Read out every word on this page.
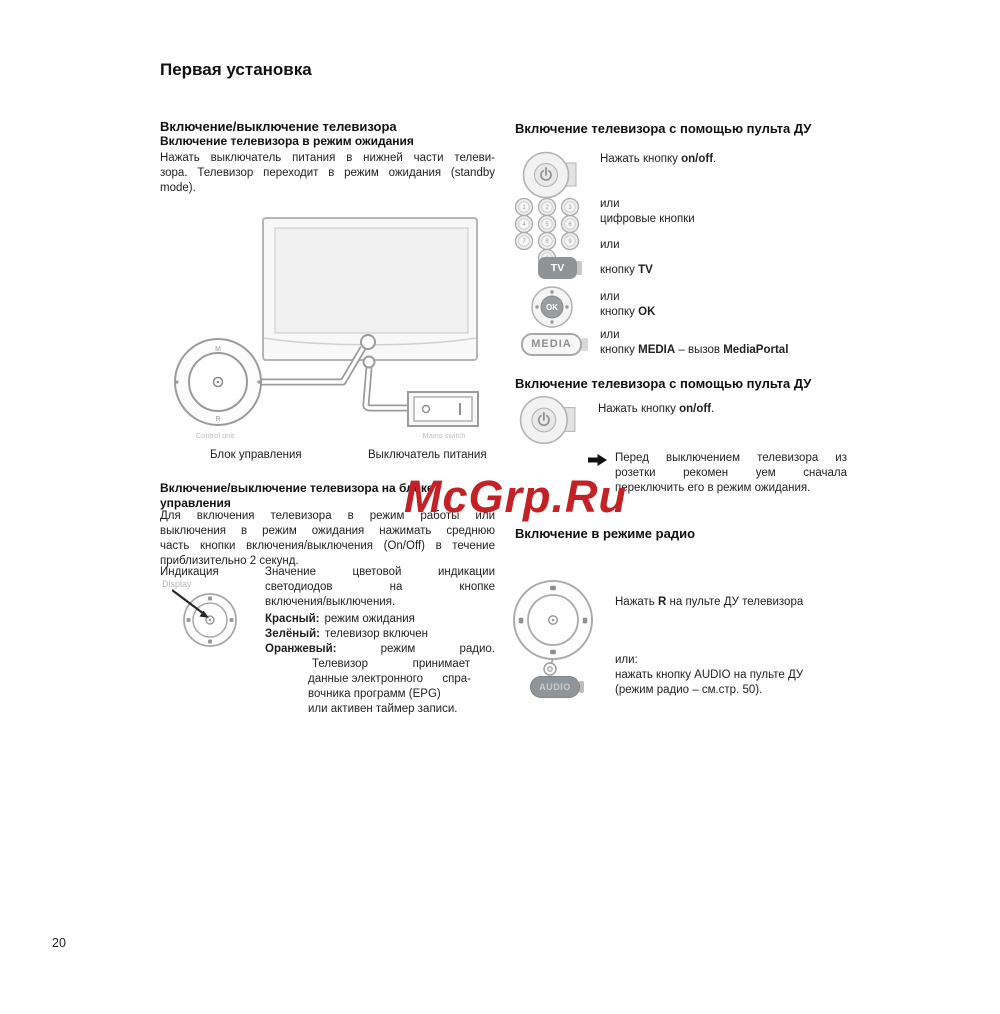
Первая установка
Включение/выключение телевизора
Включение телевизора в режим ожидания
Нажать выключатель питания в нижней части телеви-
зора. Телевизор переходит в режим ожидания (standby
mode).
M
R
Control unit	Mains switch
Блок управления	Выключатель питания
Включение/выключение телевизора на блоке
управления
Для включения телевизора в режим работы или
выключения в режим ожидания нажимать среднюю
часть кнопки включения/выключения (On/Off) в течение
приблизительно 2 секунд.
Индикация
Display
Значение цветовой индикации
светодиодов на кнопке
включения/выключения.
Красный: режим ожидания
Зелёный: телевизор включен
Оранжевый:	режим	радио.
Телевизор	принимает
данные электронного спра-
вочника программ (EPG)
или активен таймер записи.
Включение телевизора с помощью пульта ДУ
Нажать кнопку on/off.
1	2	3
4	5	6
7	8	9
или
цифровые кнопки
или
TV	кнопку TV
или
OK	кнопку OK
или
MEDIA	кнопку MEDIA – вызов MediaPortal
Включение телевизора с помощью пульта ДУ
Нажать кнопку on/off.
Перед выключением телевизора из
розетки рекомен уем сначала
переключить его в режим ожидания.
McGrp.Ru
Включение в режиме радио
Нажать R на пульте ДУ телевизора
или:
нажать кнопку AUDIO на пульте ДУ
(режим радио – см.стр. 50).
AUDIO
20
